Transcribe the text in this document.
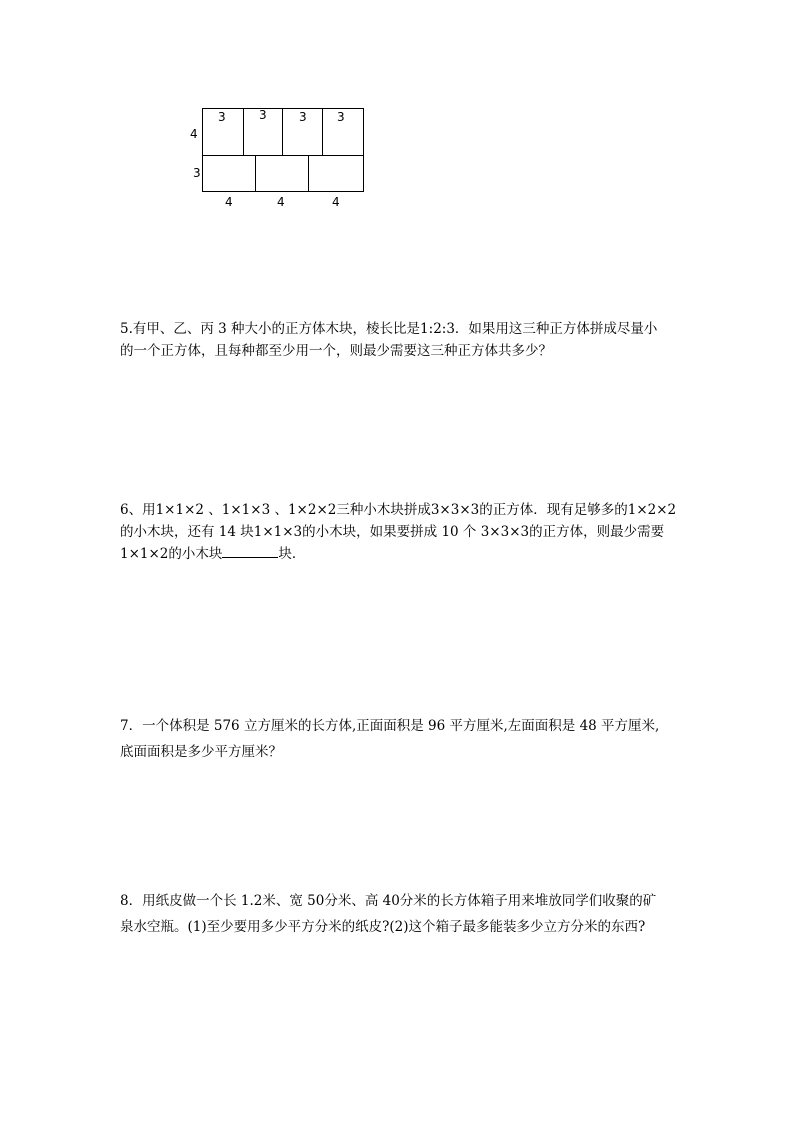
3	3	3	3
4
3
4	4	4

5.有甲、乙、丙 3 种大小的正方体木块，棱长比是1:2:3．如果用这三种正方体拼成尽量小

的一个正方体，且每种都至少用一个，则最少需要这三种正方体共多少？

6、用1×1×2 、1×1×3 、1×2×2三种小木块拼成3×3×3的正方体．现有足够多的1×2×2

的小木块，还有 14 块1×1×3的小木块，如果要拼成 10 个 3×3×3的正方体，则最少需要

1×1×2的小木块	块．

7．一个体积是 576 立方厘米的长方体,正面面积是 96 平方厘米,左面面积是 48 平方厘米,

底面面积是多少平方厘米？

8．用纸皮做一个长 1.2米、宽 50分米、高 40分米的长方体箱子用来堆放同学们收聚的矿

泉水空瓶。(1)至少要用多少平方分米的纸皮?(2)这个箱子最多能装多少立方分米的东西?
